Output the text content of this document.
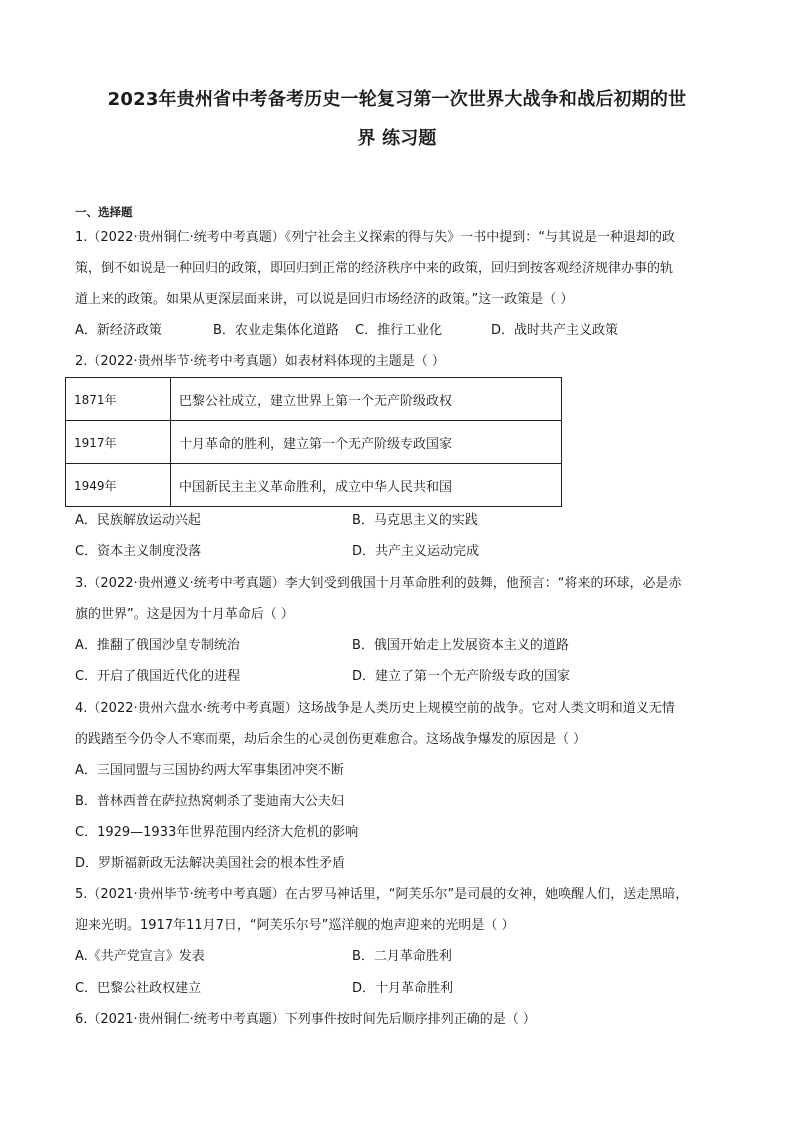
2023年贵州省中考备考历史一轮复习第一次世界大战争和战后初期的世
界 练习题
一、选择题
1.（2022·贵州铜仁·统考中考真题）《列宁社会主义探索的得与失》一书中提到：“与其说是一种退却的政
策，倒不如说是一种回归的政策，即回归到正常的经济秩序中来的政策，回归到按客观经济规律办事的轨
道上来的政策。如果从更深层面来讲，可以说是回归市场经济的政策。”这一政策是（ ）
A．新经济政策	B．农业走集体化道路 C．推行工业化	D．战时共产主义政策
2.（2022·贵州毕节·统考中考真题）如表材料体现的主题是（ ）
1871年	巴黎公社成立，建立世界上第一个无产阶级政权
1917年	十月革命的胜利，建立第一个无产阶级专政国家
1949年	中国新民主主义革命胜利，成立中华人民共和国
A．民族解放运动兴起	B．马克思主义的实践
C．资本主义制度没落	D．共产主义运动完成
3.（2022·贵州遵义·统考中考真题）李大钊受到俄国十月革命胜利的鼓舞，他预言：“将来的环球，必是赤
旗的世界”。这是因为十月革命后（ ）
A．推翻了俄国沙皇专制统治	B．俄国开始走上发展资本主义的道路
C．开启了俄国近代化的进程	D．建立了第一个无产阶级专政的国家
4.（2022·贵州六盘水·统考中考真题）这场战争是人类历史上规模空前的战争。它对人类文明和道义无情
的践踏至今仍令人不寒而栗，劫后余生的心灵创伤更难愈合。这场战争爆发的原因是（ ）
A．三国同盟与三国协约两大军事集团冲突不断
B．普林西普在萨拉热窝刺杀了斐迪南大公夫妇
C．1929—1933年世界范围内经济大危机的影响
D．罗斯福新政无法解决美国社会的根本性矛盾
5.（2021·贵州毕节·统考中考真题）在古罗马神话里，“阿芙乐尔”是司晨的女神，她唤醒人们，送走黑暗，
迎来光明。1917年11月7日，“阿芙乐尔号”巡洋舰的炮声迎来的光明是（ ）
A.《共产党宣言》发表	B．二月革命胜利
C．巴黎公社政权建立	D．十月革命胜利
6.（2021·贵州铜仁·统考中考真题）下列事件按时间先后顺序排列正确的是（ ）
